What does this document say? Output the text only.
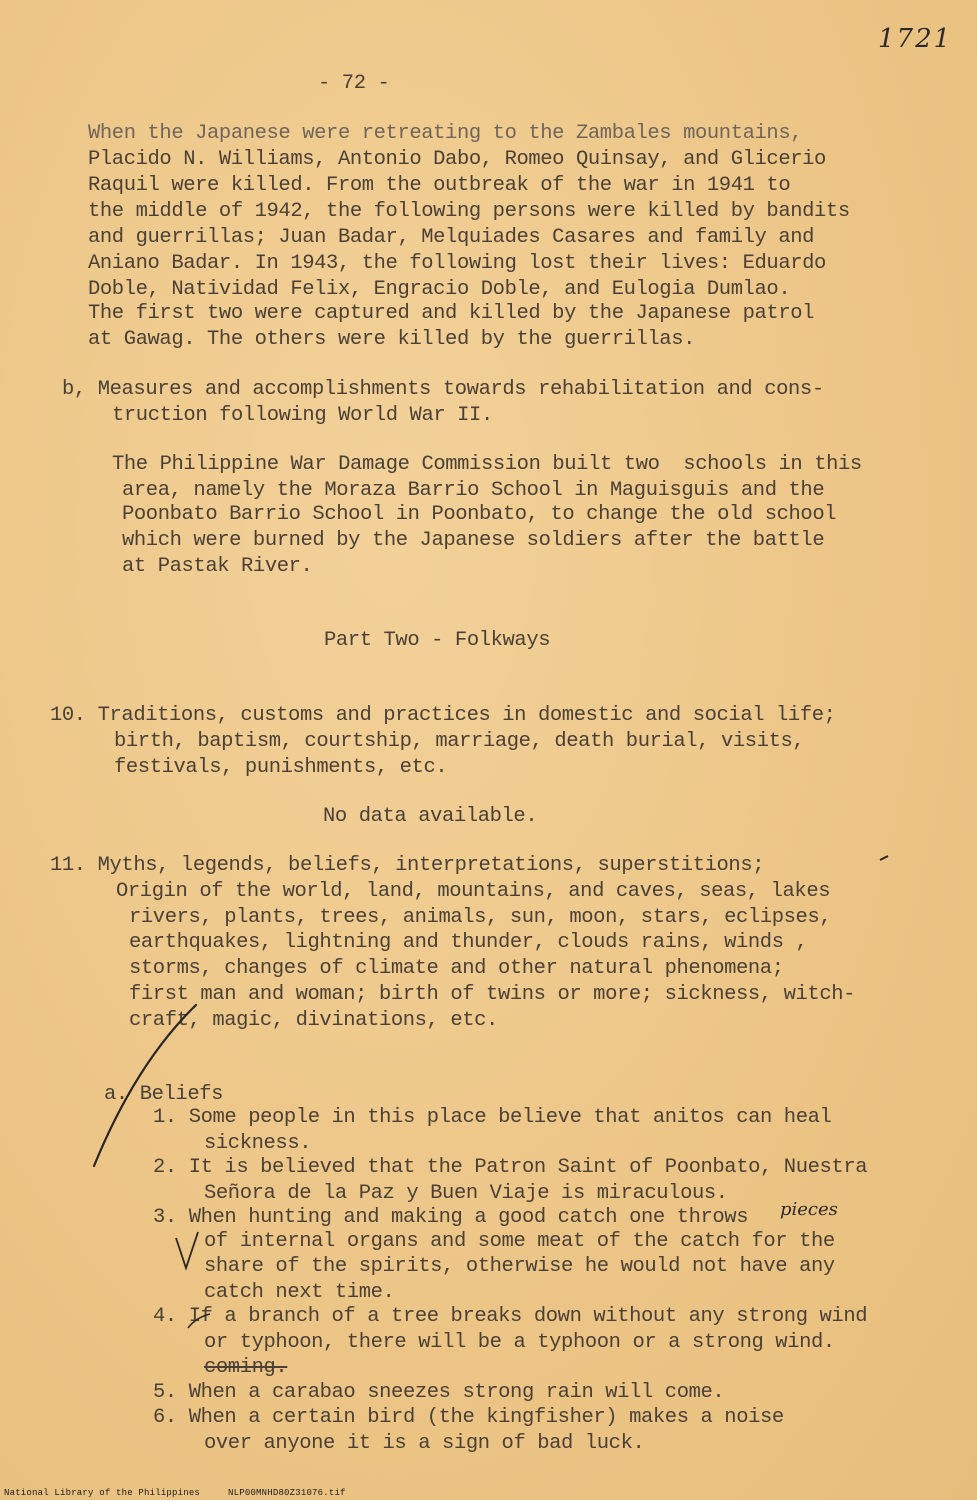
1721
- 72 -
When the Japanese were retreating to the Zambales mountains,
Placido N. Williams, Antonio Dabo, Romeo Quinsay, and Glicerio
Raquil were killed. From the outbreak of the war in 1941 to
the middle of 1942, the following persons were killed by bandits
and guerrillas; Juan Badar, Melquiades Casares and family and
Aniano Badar. In 1943, the following lost their lives: Eduardo
Doble, Natividad Felix, Engracio Doble, and Eulogia Dumlao.
The first two were captured and killed by the Japanese patrol
at Gawag. The others were killed by the guerrillas.
b, Measures and accomplishments towards rehabilitation and cons-
truction following World War II.
The Philippine War Damage Commission built two  schools in this
area, namely the Moraza Barrio School in Maguisguis and the
Poonbato Barrio School in Poonbato, to change the old school
which were burned by the Japanese soldiers after the battle
at Pastak River.
Part Two - Folkways
10. Traditions, customs and practices in domestic and social life;
birth, baptism, courtship, marriage, death burial, visits,
festivals, punishments, etc.
No data available.
11. Myths, legends, beliefs, interpretations, superstitions;
Origin of the world, land, mountains, and caves, seas, lakes
rivers, plants, trees, animals, sun, moon, stars, eclipses,
earthquakes, lightning and thunder, clouds rains, winds ,
storms, changes of climate and other natural phenomena;
first man and woman; birth of twins or more; sickness, witch-
craft, magic, divinations, etc.
a. Beliefs
1. Some people in this place believe that anitos can heal
sickness.
2. It is believed that the Patron Saint of Poonbato, Nuestra
Señora de la Paz y Buen Viaje is miraculous.
3. When hunting and making a good catch one throws pieces
of internal organs and some meat of the catch for the
share of the spirits, otherwise he would not have any
catch next time.
4. If a branch of a tree breaks down without any strong wind
or typhoon, there will be a typhoon or a strong wind.
coming.
5. When a carabao sneezes strong rain will come.
6. When a certain bird (the kingfisher) makes a noise
over anyone it is a sign of bad luck.
National Library of the Philippines     NLP00MNHD80Z31076.tif
